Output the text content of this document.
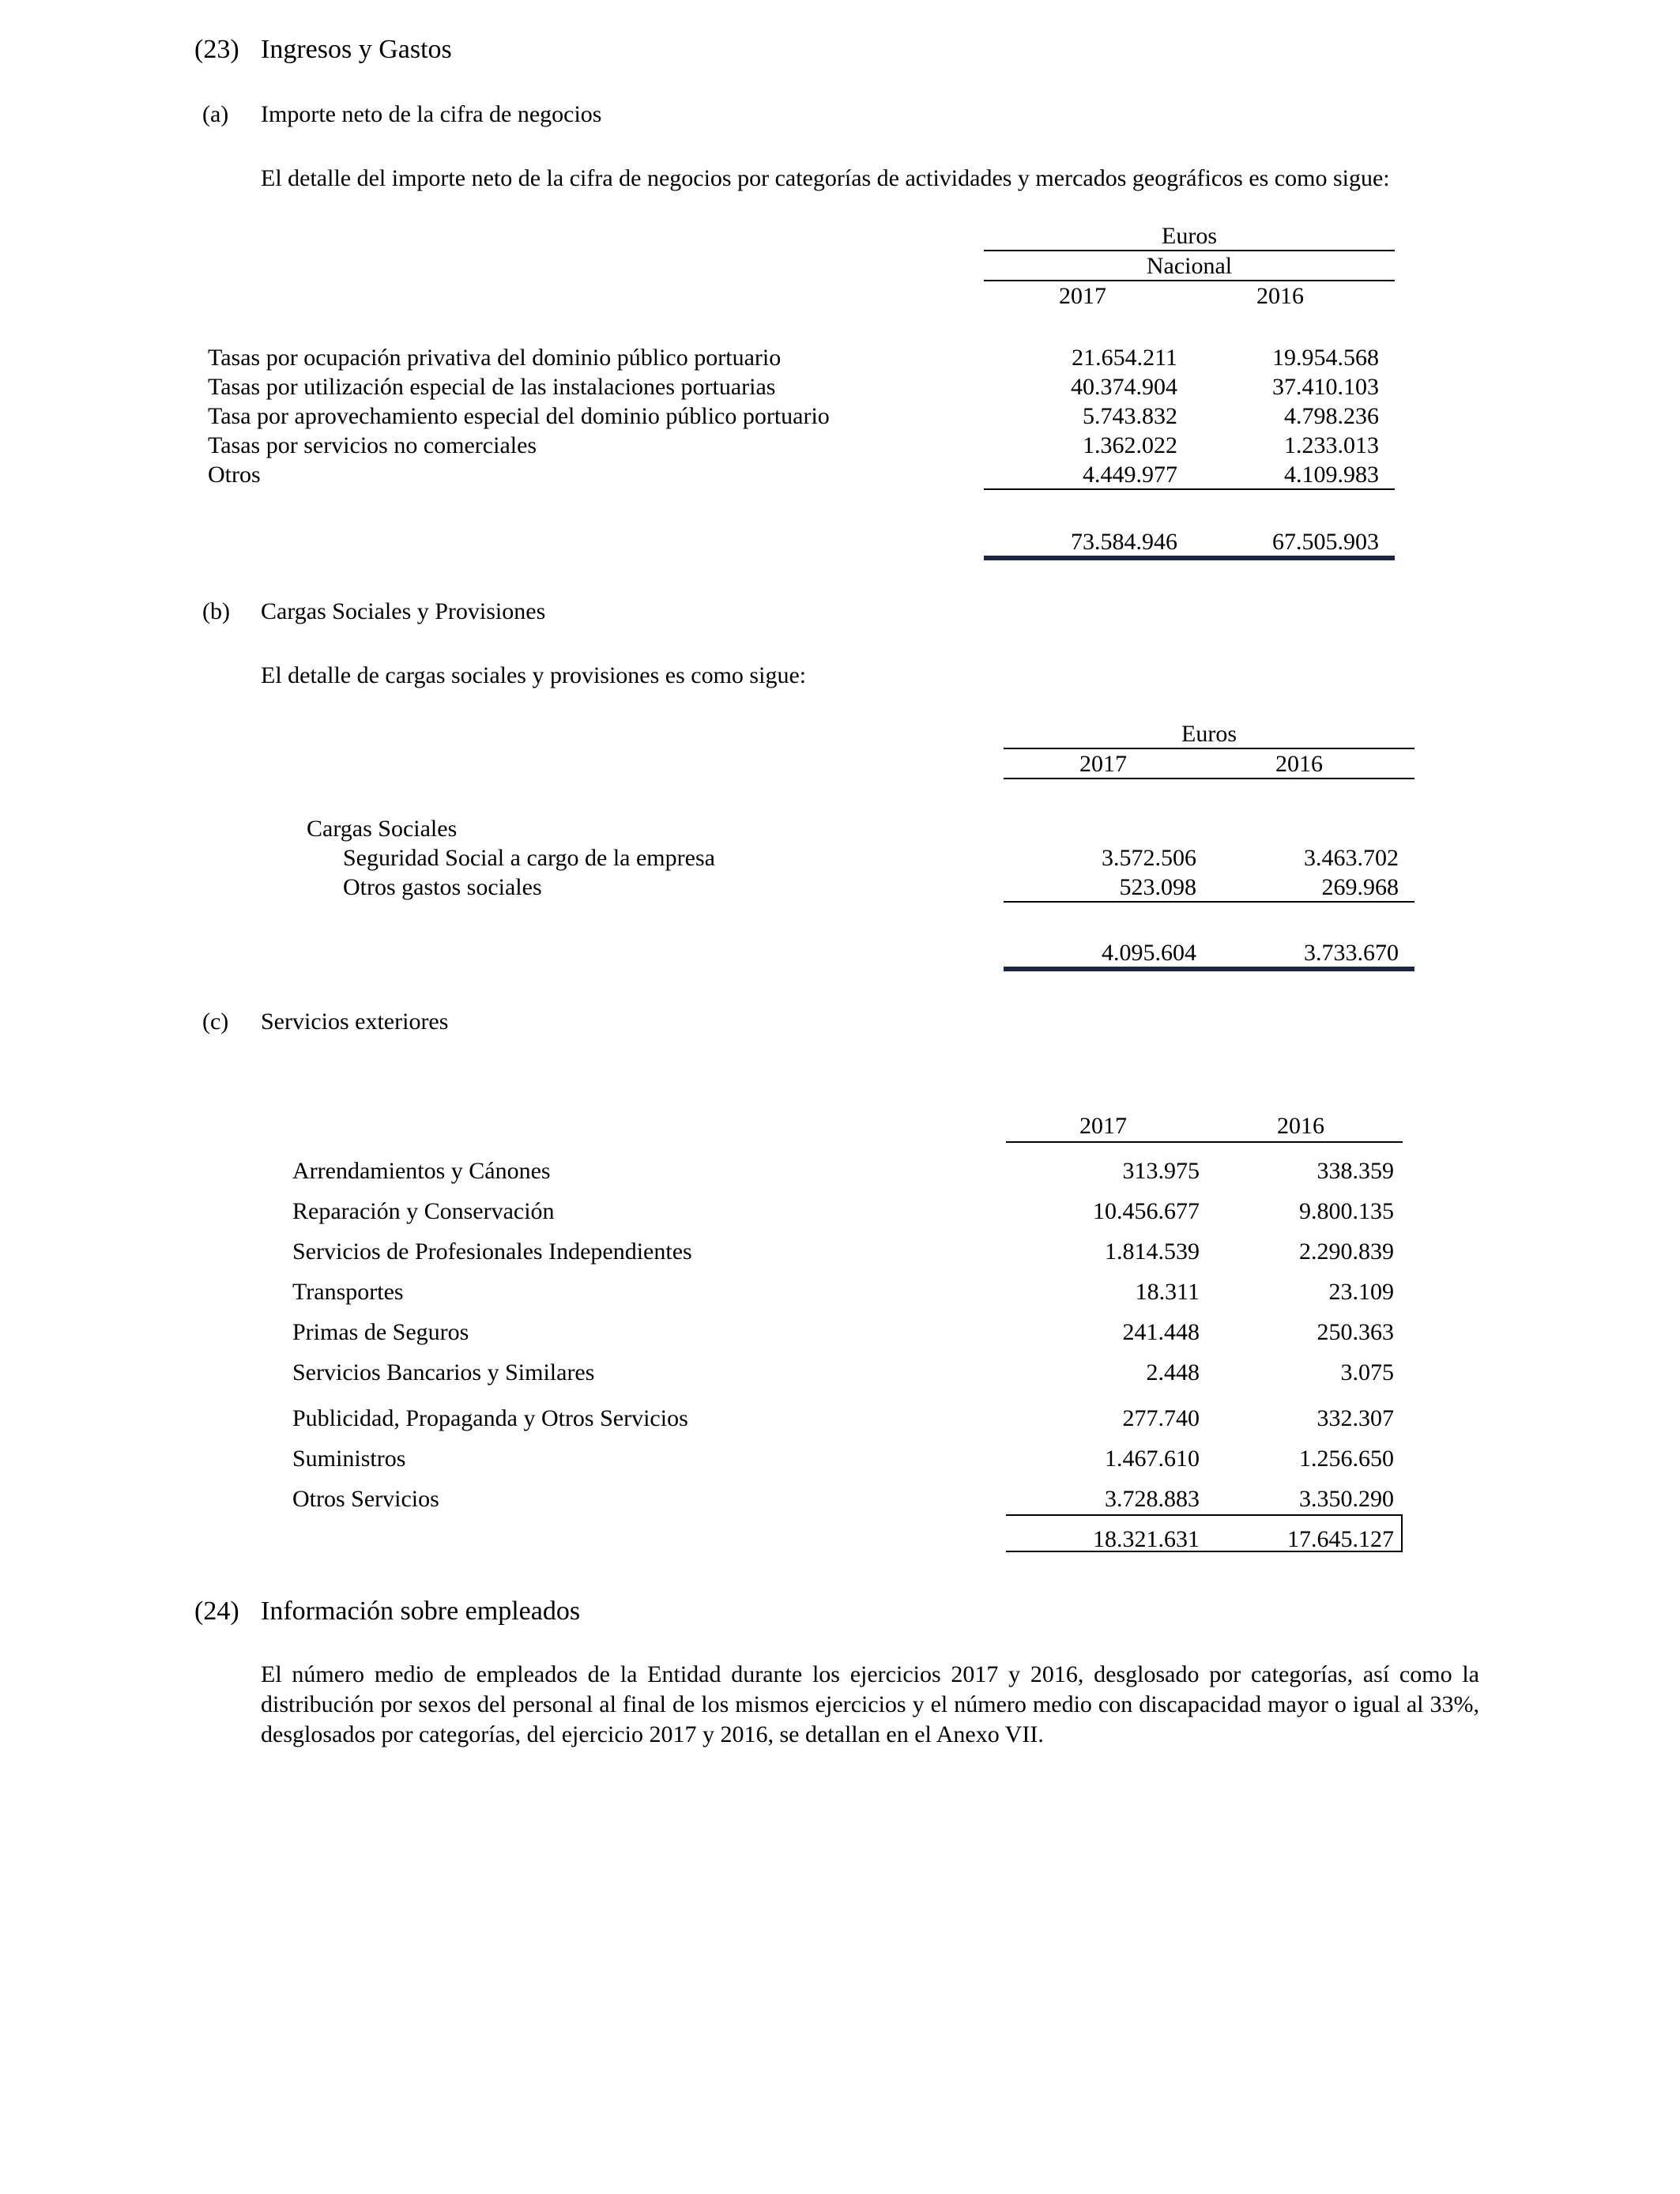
(23) Ingresos y Gastos
(a) Importe neto de la cifra de negocios
El detalle del importe neto de la cifra de negocios por categorías de actividades y mercados geográficos es como sigue:
Euros
Nacional
2017	2016
Tasas por ocupación privativa del dominio público portuario	21.654.211	19.954.568
Tasas por utilización especial de las instalaciones portuarias	40.374.904	37.410.103
Tasa por aprovechamiento especial del dominio público portuario	5.743.832	4.798.236
Tasas por servicios no comerciales	1.362.022	1.233.013
Otros	4.449.977	4.109.983
73.584.946	67.505.903
(b) Cargas Sociales y Provisiones
El detalle de cargas sociales y provisiones es como sigue:
Euros
2017	2016
Cargas Sociales
Seguridad Social a cargo de la empresa	3.572.506	3.463.702
Otros gastos sociales	523.098	269.968
4.095.604	3.733.670
(c) Servicios exteriores
2017	2016
Arrendamientos y Cánones	313.975	338.359
Reparación y Conservación	10.456.677	9.800.135
Servicios de Profesionales Independientes	1.814.539	2.290.839
Transportes	18.311	23.109
Primas de Seguros	241.448	250.363
Servicios Bancarios y Similares	2.448	3.075
Publicidad, Propaganda y Otros Servicios	277.740	332.307
Suministros	1.467.610	1.256.650
Otros Servicios	3.728.883	3.350.290
18.321.631	17.645.127
(24) Información sobre empleados
El número medio de empleados de la Entidad durante los ejercicios 2017 y 2016, desglosado por categorías, así como la distribución por sexos del personal al final de los mismos ejercicios y el número medio con discapacidad mayor o igual al 33%, desglosados por categorías, del ejercicio 2017 y 2016, se detallan en el Anexo VII.
